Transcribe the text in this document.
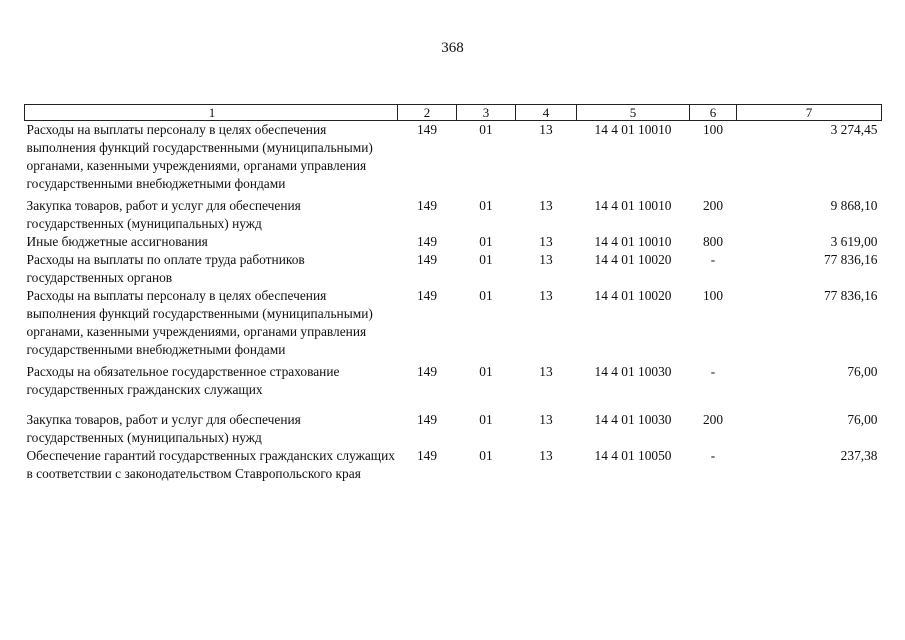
368
1	2	3	4	5	6	7
Расходы на выплаты персоналу в целях обеспечения выполнения функций государственными (муниципальными) органами, казенными учреждениями, органами управления государственными внебюджетными фондами	149	01	13	14 4 01 10010	100	3 274,45
Закупка товаров, работ и услуг для обеспечения государственных (муниципальных) нужд	149	01	13	14 4 01 10010	200	9 868,10
Иные бюджетные ассигнования	149	01	13	14 4 01 10010	800	3 619,00
Расходы на выплаты по оплате труда работников государственных органов	149	01	13	14 4 01 10020	-	77 836,16
Расходы на выплаты персоналу в целях обеспечения выполнения функций государственными (муниципальными) органами, казенными учреждениями, органами управления государственными внебюджетными фондами	149	01	13	14 4 01 10020	100	77 836,16
Расходы на обязательное государственное страхование государственных гражданских служащих	149	01	13	14 4 01 10030	-	76,00

Закупка товаров, работ и услуг для обеспечения государственных (муниципальных) нужд	149	01	13	14 4 01 10030	200	76,00
Обеспечение гарантий государственных гражданских служащих в соответствии с законодательством Ставропольского края	149	01	13	14 4 01 10050	-	237,38
